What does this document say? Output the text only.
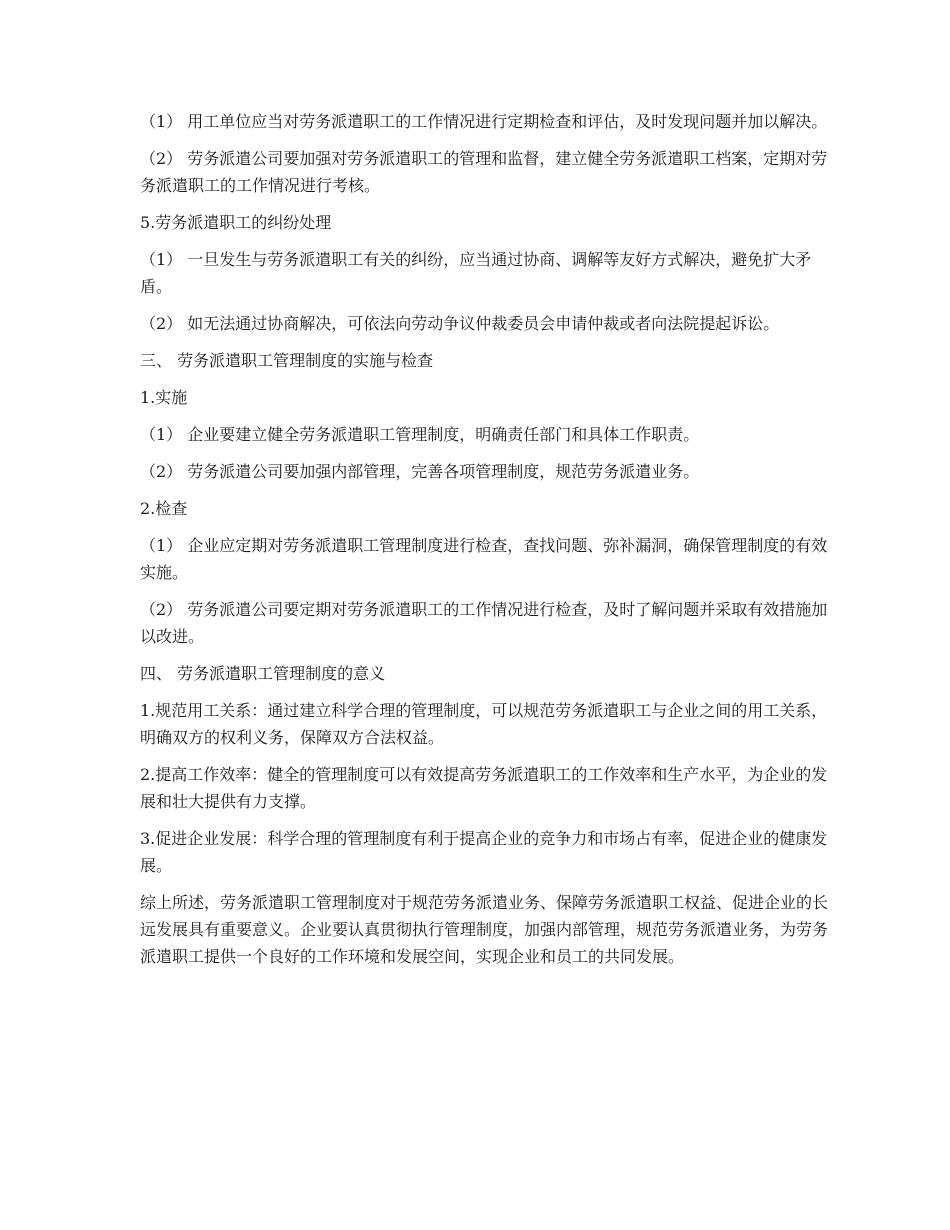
（1） 用工单位应当对劳务派遣职工的工作情况进行定期检查和评估，及时发现问题并加以解决。

（2） 劳务派遣公司要加强对劳务派遣职工的管理和监督，建立健全劳务派遣职工档案，定期对劳务派遣职工的工作情况进行考核。

5.劳务派遣职工的纠纷处理

（1） 一旦发生与劳务派遣职工有关的纠纷，应当通过协商、调解等友好方式解决，避免扩大矛盾。

（2） 如无法通过协商解决，可依法向劳动争议仲裁委员会申请仲裁或者向法院提起诉讼。

三、 劳务派遣职工管理制度的实施与检查

1.实施

（1） 企业要建立健全劳务派遣职工管理制度，明确责任部门和具体工作职责。

（2） 劳务派遣公司要加强内部管理，完善各项管理制度，规范劳务派遣业务。

2.检查

（1） 企业应定期对劳务派遣职工管理制度进行检查，查找问题、弥补漏洞，确保管理制度的有效实施。

（2） 劳务派遣公司要定期对劳务派遣职工的工作情况进行检查，及时了解问题并采取有效措施加以改进。

四、 劳务派遣职工管理制度的意义

1.规范用工关系：通过建立科学合理的管理制度，可以规范劳务派遣职工与企业之间的用工关系，明确双方的权利义务，保障双方合法权益。

2.提高工作效率：健全的管理制度可以有效提高劳务派遣职工的工作效率和生产水平，为企业的发展和壮大提供有力支撑。

3.促进企业发展：科学合理的管理制度有利于提高企业的竞争力和市场占有率，促进企业的健康发展。

综上所述，劳务派遣职工管理制度对于规范劳务派遣业务、保障劳务派遣职工权益、促进企业的长远发展具有重要意义。企业要认真贯彻执行管理制度，加强内部管理，规范劳务派遣业务，为劳务派遣职工提供一个良好的工作环境和发展空间，实现企业和员工的共同发展。
